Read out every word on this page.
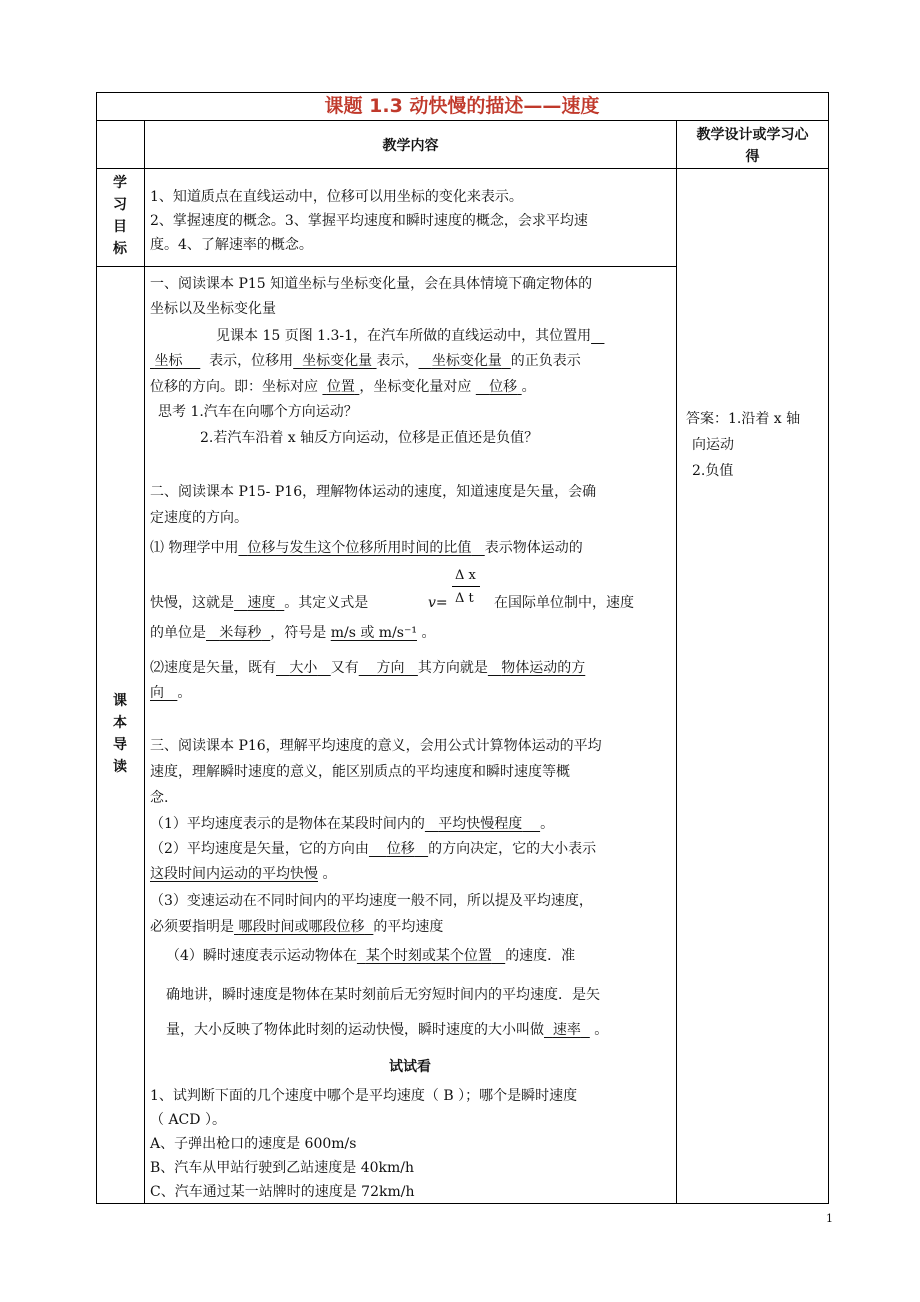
课题 1.3 动快慢的描述——速度
教学内容
教学设计或学习心
得
学
习
目
标
课
本
导
读
1、知道质点在直线运动中，位移可以用坐标的变化来表示。
2、掌握速度的概念。3、掌握平均速度和瞬时速度的概念，会求平均速
度。4、了解速率的概念。
一、阅读课本 P15 知道坐标与坐标变化量，会在具体情境下确定物体的
坐标以及坐标变化量
见课本 15 页图 1.3-1，在汽车所做的直线运动中，其位置用
坐标 表示，位移用 坐标变化量 表示， 坐标变化量 的正负表示
位移的方向。即：坐标对应 位置 ，坐标变化量对应 位移 。
思考 1.汽车在向哪个方向运动？
2.若汽车沿着 x 轴反方向运动，位移是正值还是负值？
二、阅读课本 P15- P16，理解物体运动的速度，知道速度是矢量，会确
定速度的方向。
⑴ 物理学中用 位移与发生这个位移所用时间的比值 表示物体运动的
Δ x
Δ t
快慢，这就是 速度 。其定义式是	v=	在国际单位制中，速度
的单位是 米每秒 ，符号是 m/s 或 m/s⁻¹ 。
⑵速度是矢量，既有 大小 又有 方向 其方向就是 物体运动的方
向 。
三、阅读课本 P16，理解平均速度的意义，会用公式计算物体运动的平均
速度，理解瞬时速度的意义，能区别质点的平均速度和瞬时速度等概
念.
（1）平均速度表示的是物体在某段时间内的 平均快慢程度 。
（2）平均速度是矢量，它的方向由 位移 的方向决定，它的大小表示
这段时间内运动的平均快慢 。
（3）变速运动在不同时间内的平均速度一般不同，所以提及平均速度，
必须要指明是 哪段时间或哪段位移 的平均速度
（4）瞬时速度表示运动物体在 某个时刻或某个位置 的速度．准
确地讲，瞬时速度是物体在某时刻前后无穷短时间内的平均速度．是矢
量，大小反映了物体此时刻的运动快慢，瞬时速度的大小叫做 速率 。
试试看
1、试判断下面的几个速度中哪个是平均速度（ B ）；哪个是瞬时速度
（ ACD ）。
A、子弹出枪口的速度是 600m/s
B、汽车从甲站行驶到乙站速度是 40km/h
C、汽车通过某一站牌时的速度是 72km/h
答案：1.沿着 x 轴
向运动
2.负值
1
